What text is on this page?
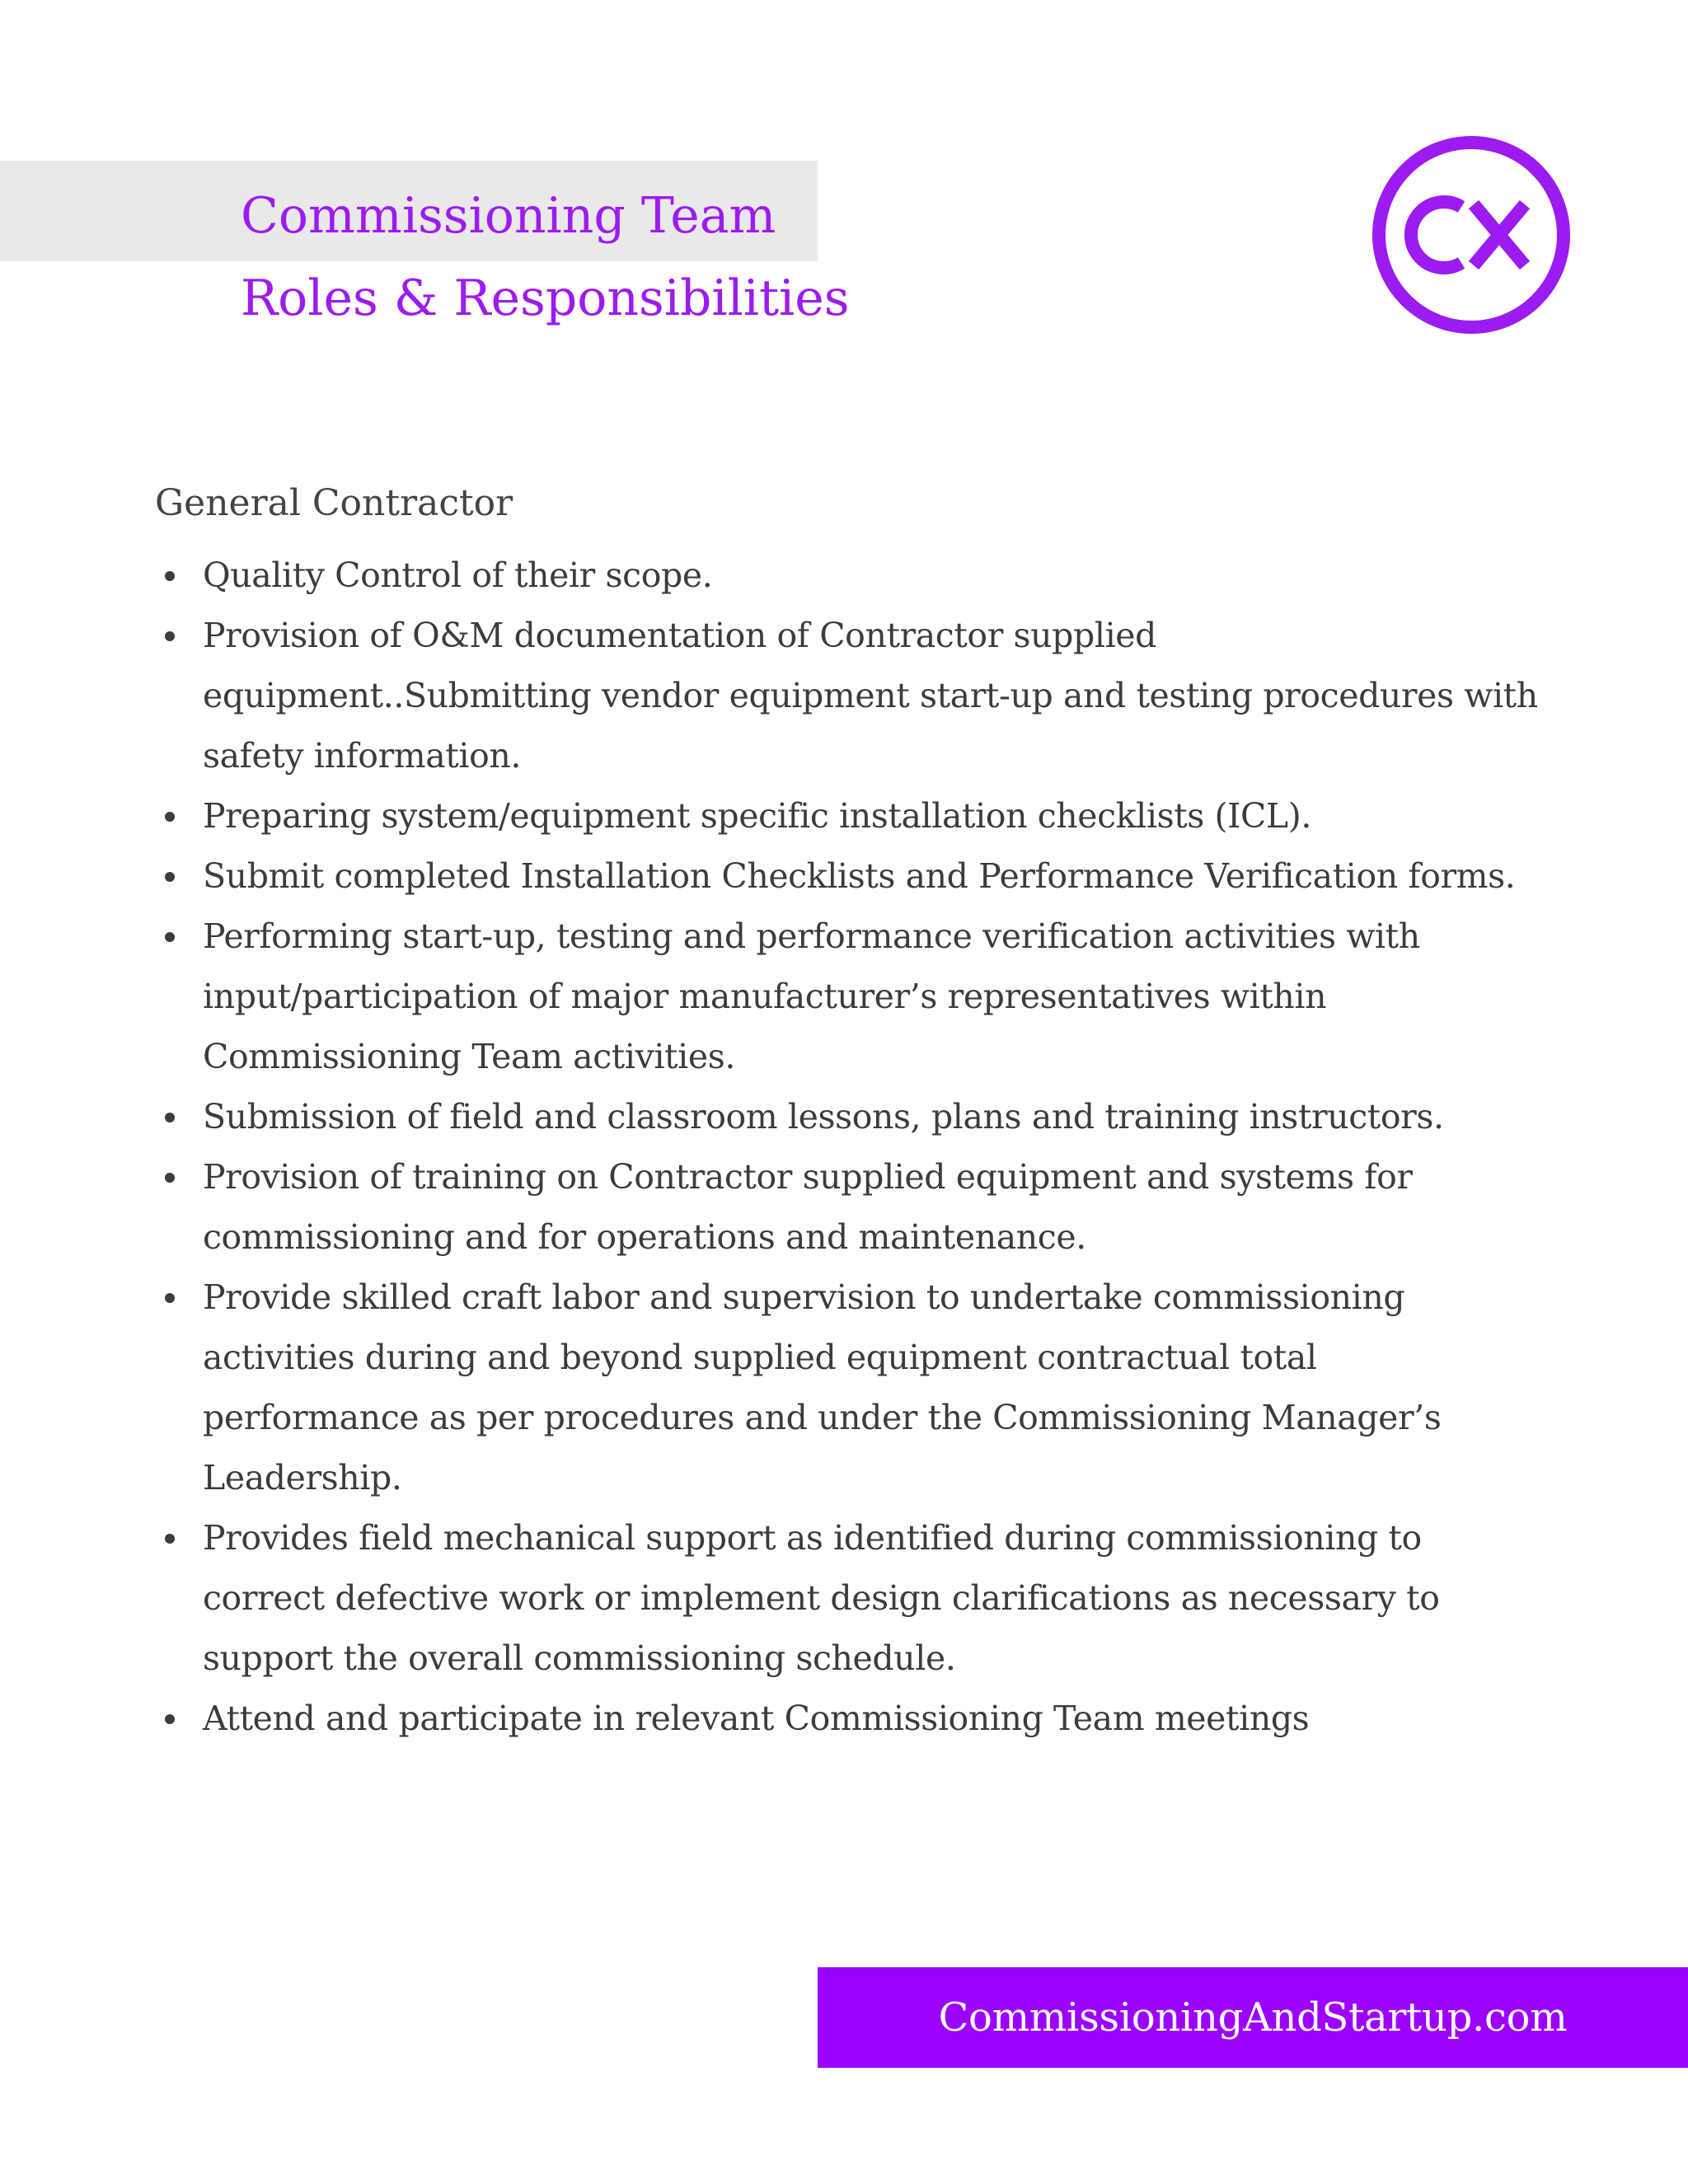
Commissioning Team
Roles & Responsibilities
General Contractor
Quality Control of their scope.
Provision of O&M documentation of Contractor supplied equipment..Submitting vendor equipment start-up and testing procedures with safety information.
Preparing system/equipment specific installation checklists (ICL).
Submit completed Installation Checklists and Performance Verification forms.
Performing start-up, testing and performance verification activities with input/participation of major manufacturer’s representatives within Commissioning Team activities.
Submission of field and classroom lessons, plans and training instructors.
Provision of training on Contractor supplied equipment and systems for commissioning and for operations and maintenance.
Provide skilled craft labor and supervision to undertake commissioning activities during and beyond supplied equipment contractual total performance as per procedures and under the Commissioning Manager’s Leadership.
Provides field mechanical support as identified during commissioning to correct defective work or implement design clarifications as necessary to support the overall commissioning schedule.
Attend and participate in relevant Commissioning Team meetings
CommissioningAndStartup.com
